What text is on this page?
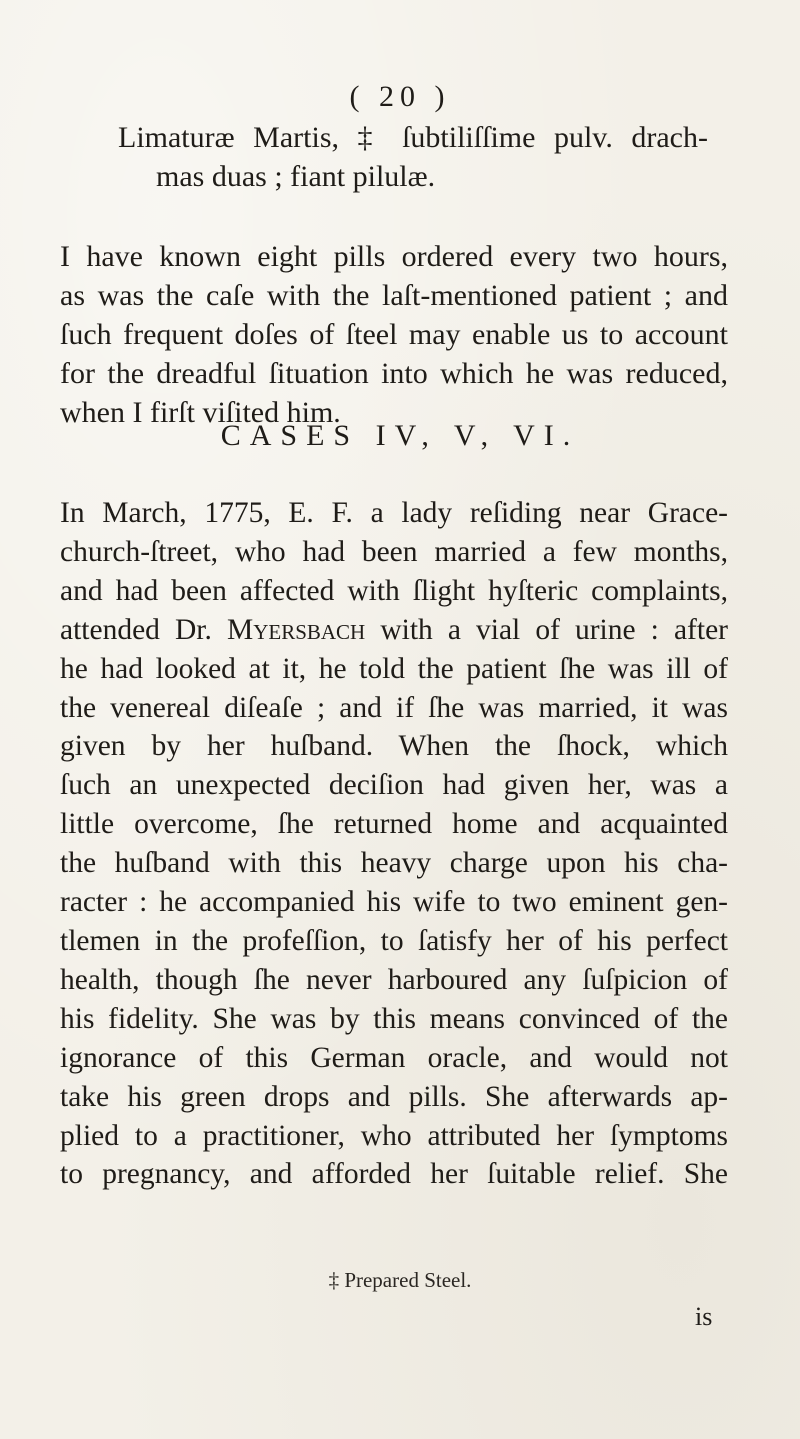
( 20 )
Limaturæ Martis, ‡ ſubtiliſſime pulv. drach-
mas duas ; fiant pilulæ.
I have known eight pills ordered every two hours,
as was the caſe with the laſt-mentioned patient ; and
ſuch frequent doſes of ſteel may enable us to account
for the dreadful ſituation into which he was reduced,
when I firſt viſited him.
CASES IV, V, VI.
In March, 1775, E. F. a lady reſiding near Grace-
church-ſtreet, who had been married a few months,
and had been affected with ſlight hyſteric complaints,
attended Dr. Myersbach with a vial of urine : after
he had looked at it, he told the patient ſhe was ill of
the venereal diſeaſe ; and if ſhe was married, it was
given by her huſband. When the ſhock, which
ſuch an unexpected deciſion had given her, was a
little overcome, ſhe returned home and acquainted
the huſband with this heavy charge upon his cha-
racter : he accompanied his wife to two eminent gen-
tlemen in the profeſſion, to ſatisfy her of his perfect
health, though ſhe never harboured any ſuſpicion of
his fidelity. She was by this means convinced of the
ignorance of this German oracle, and would not
take his green drops and pills. She afterwards ap-
plied to a practitioner, who attributed her ſymptoms
to pregnancy, and afforded her ſuitable relief. She
‡ Prepared Steel.
is
